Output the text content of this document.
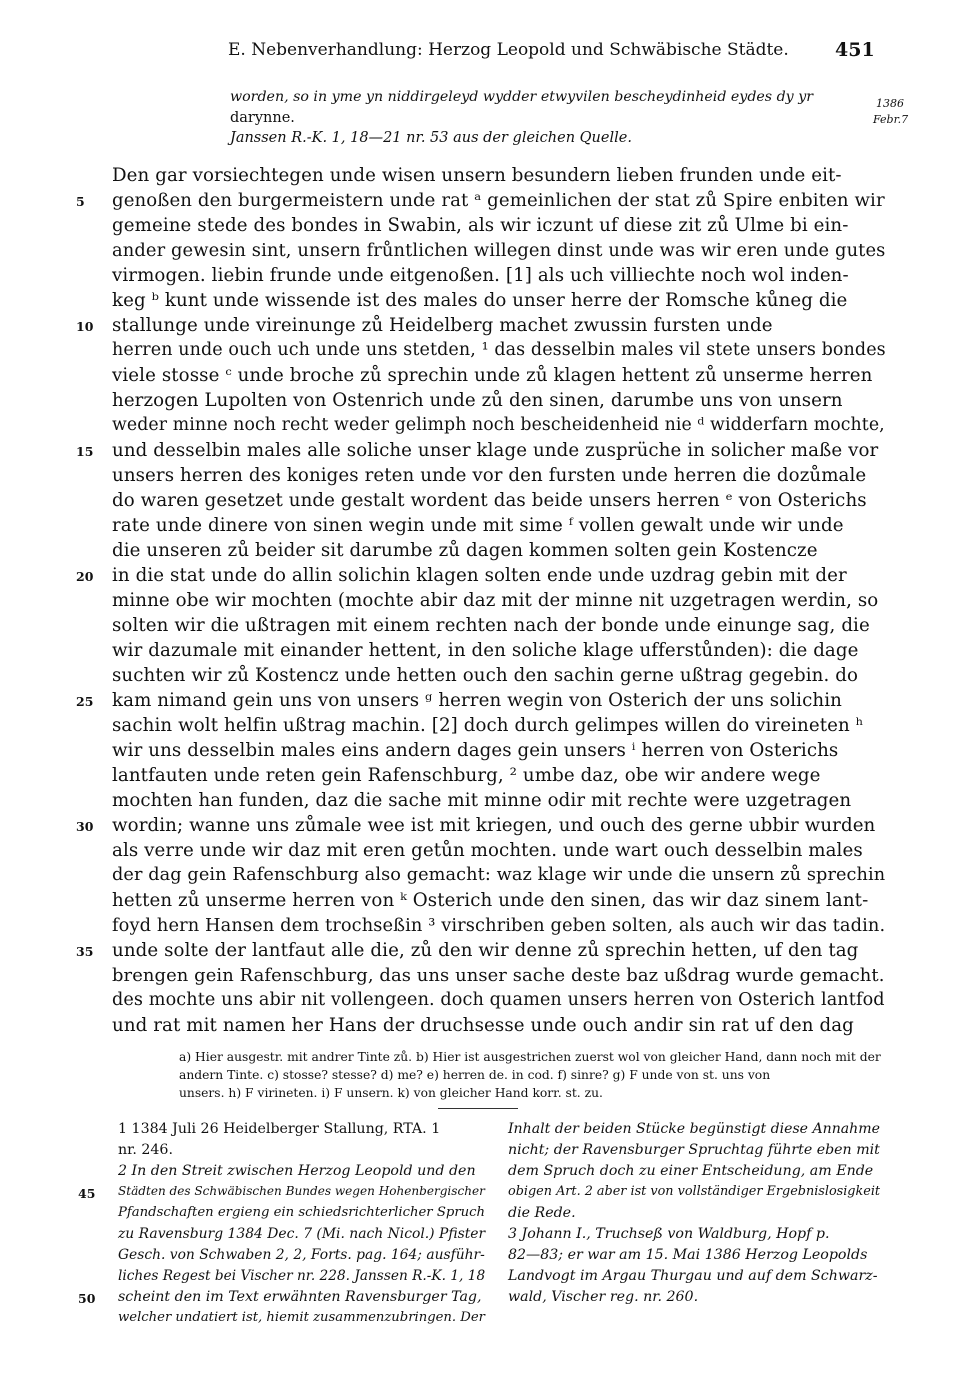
E. Nebenverhandlung: Herzog Leopold und Schwäbische Städte. 451
worden, so in yme yn niddirgeleyd wydder etwyvilen bescheydinheid eydes dy yr
darynne.
Janssen R.-K. 1, 18—21 nr. 53 aus der gleichen Quelle.
1386
Febr.7
Den gar vorsiechtegen unde wisen unsern besundern lieben frunden unde eit-
genoßen den burgermeistern unde rat ᵃ gemeinlichen der stat zů Spire enbiten wir
gemeine stede des bondes in Swabin, als wir iczunt uf diese zit zů Ulme bi ein-
ander gewesin sint, unsern frůntlichen willegen dinst unde was wir eren unde gutes
virmogen. liebin frunde unde eitgenoßen. [1] als uch villiechte noch wol inden-
keg ᵇ kunt unde wissende ist des males do unser herre der Romsche kůneg die
stallunge unde vireinunge zů Heidelberg machet zwussin fursten unde
herren unde ouch uch unde uns stetden, ¹ das desselbin males vil stete unsers bondes
viele stosse ᶜ unde broche zů sprechin unde zů klagen hettent zů unserme herren
herzogen Lupolten von Ostenrich unde zů den sinen, darumbe uns von unsern
weder minne noch recht weder gelimph noch bescheidenheid nie ᵈ widderfarn mochte,
und desselbin males alle soliche unser klage unde zusprüche in solicher maße vor
unsers herren des koniges reten unde vor den fursten unde herren die dozůmale
do waren gesetzet unde gestalt wordent das beide unsers herren ᵉ von Osterichs
rate unde dinere von sinen wegin unde mit sime ᶠ vollen gewalt unde wir unde
die unseren zů beider sit darumbe zů dagen kommen solten gein Kostencze
in die stat unde do allin solichin klagen solten ende unde uzdrag gebin mit der
minne obe wir mochten (mochte abir daz mit der minne nit uzgetragen werdin, so
solten wir die ußtragen mit einem rechten nach der bonde unde einunge sag, die
wir dazumale mit einander hettent, in den soliche klage ufferstůnden): die dage
suchten wir zů Kostencz unde hetten ouch den sachin gerne ußtrag gegebin. do
kam nimand gein uns von unsers ᵍ herren wegin von Osterich der uns solichin
sachin wolt helfin ußtrag machin. [2] doch durch gelimpes willen do vireineten ʰ
wir uns desselbin males eins andern dages gein unsers ⁱ herren von Osterichs
lantfauten unde reten gein Rafenschburg, ² umbe daz, obe wir andere wege
mochten han funden, daz die sache mit minne odir mit rechte were uzgetragen
wordin; wanne uns zůmale wee ist mit kriegen, und ouch des gerne ubbir wurden
als verre unde wir daz mit eren getůn mochten. unde wart ouch desselbin males
der dag gein Rafenschburg also gemacht: waz klage wir unde die unsern zů sprechin
hetten zů unserme herren von ᵏ Osterich unde den sinen, das wir daz sinem lant-
foyd hern Hansen dem trochseßin ³ virschriben geben solten, als auch wir das tadin.
unde solte der lantfaut alle die, zů den wir denne zů sprechin hetten, uf den tag
brengen gein Rafenschburg, das uns unser sache deste baz ußdrag wurde gemacht.
des mochte uns abir nit vollengeen. doch quamen unsers herren von Osterich lantfod
und rat mit namen her Hans der druchsesse unde ouch andir sin rat uf den dag
5
10
15
20
25
30
35
a) Hier ausgestr. mit andrer Tinte zů. b) Hier ist ausgestrichen zuerst wol von gleicher Hand, dann noch mit der
andern Tinte. c) stosse? stesse? d) me? e) herren de. in cod. f) sinre? g) F unde von st. uns von
unsers. h) F virineten. i) F unsern. k) von gleicher Hand korr. st. zu.
1 1384 Juli 26 Heidelberger Stallung, RTA. 1
nr. 246.
2 In den Streit zwischen Herzog Leopold und den
Städten des Schwäbischen Bundes wegen Hohenbergischer
Pfandschaften ergieng ein schiedsrichterlicher Spruch
zu Ravensburg 1384 Dec. 7 (Mi. nach Nicol.) Pfister
Gesch. von Schwaben 2, 2, Forts. pag. 164; ausführ-
liches Regest bei Vischer nr. 228. Janssen R.-K. 1, 18
scheint den im Text erwähnten Ravensburger Tag,
welcher undatiert ist, hiemit zusammenzubringen. Der
45
50
Inhalt der beiden Stücke begünstigt diese Annahme
nicht; der Ravensburger Spruchtag führte eben mit
dem Spruch doch zu einer Entscheidung, am Ende
obigen Art. 2 aber ist von vollständiger Ergebnislosigkeit
die Rede.
3 Johann I., Truchseß von Waldburg, Hopf p.
82—83; er war am 15. Mai 1386 Herzog Leopolds
Landvogt im Argau Thurgau und auf dem Schwarz-
wald, Vischer reg. nr. 260.
